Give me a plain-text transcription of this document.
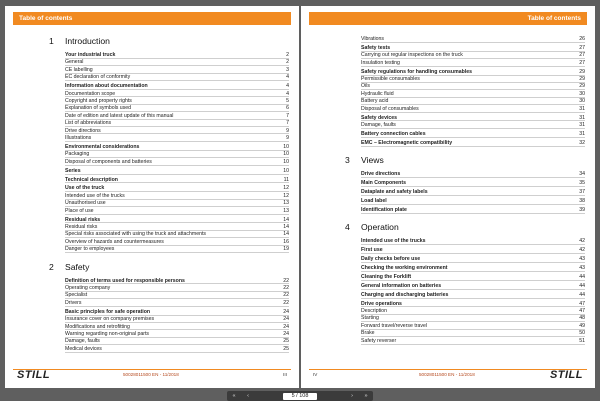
Table of contents
1	Introduction
Your industrial truck	2
General	2
CE labelling	3
EC declaration of conformity	4
Information about documentation	4
Documentation scope	4
Copyright and property rights	5
Explanation of symbols used	6
Date of edition and latest update of this manual	7
List of abbreviations	7
Drive directions	9
Illustrations	9
Environmental considerations	10
Packaging	10
Disposal of components and batteries	10
Series	10
Technical description	11
Use of the truck	12
Intended use of the trucks	12
Unauthorised use	13
Place of use	13
Residual risks	14
Residual risks	14
Special risks associated with using the truck and attachments	14
Overview of hazards and countermeasures	16
Danger to employees	19
2	Safety
Definition of terms used for responsible persons	22
Operating company	22
Specialist	22
Drivers	22
Basic principles for safe operation	24
Insurance cover on company premises	24
Modifications and retrofitting	24
Warning regarding non-original parts	24
Damage, faults	25
Medical devices	25
STILL	50028011500 EN - 11/2018	III
Table of contents
Vibrations	26
Safety tests	27
Carrying out regular inspections on the truck	27
Insulation testing	27
Safety regulations for handling consumables	29
Permissible consumables	29
Oils	29
Hydraulic fluid	30
Battery acid	30
Disposal of consumables	31
Safety devices	31
Damage, faults	31
Battery connection cables	31
EMC – Electromagnetic compatibility	32
3	Views
Drive directions	34
Main Components	35
Dataplate and safety labels	37
Load label	38
Identification plate	39
4	Operation
Intended use of the trucks	42
First use	42
Daily checks before use	43
Checking the working environment	43
Cleaning the Forklift	44
General information on batteries	44
Charging and discharging batteries	44
Drive operations	47
Description	47
Starting	48
Forward travel/reverse travel	49
Brake	50
Safety reverser	51
IV	50028011500 EN - 11/2018	STILL
«	‹	5 / 108	›	»
